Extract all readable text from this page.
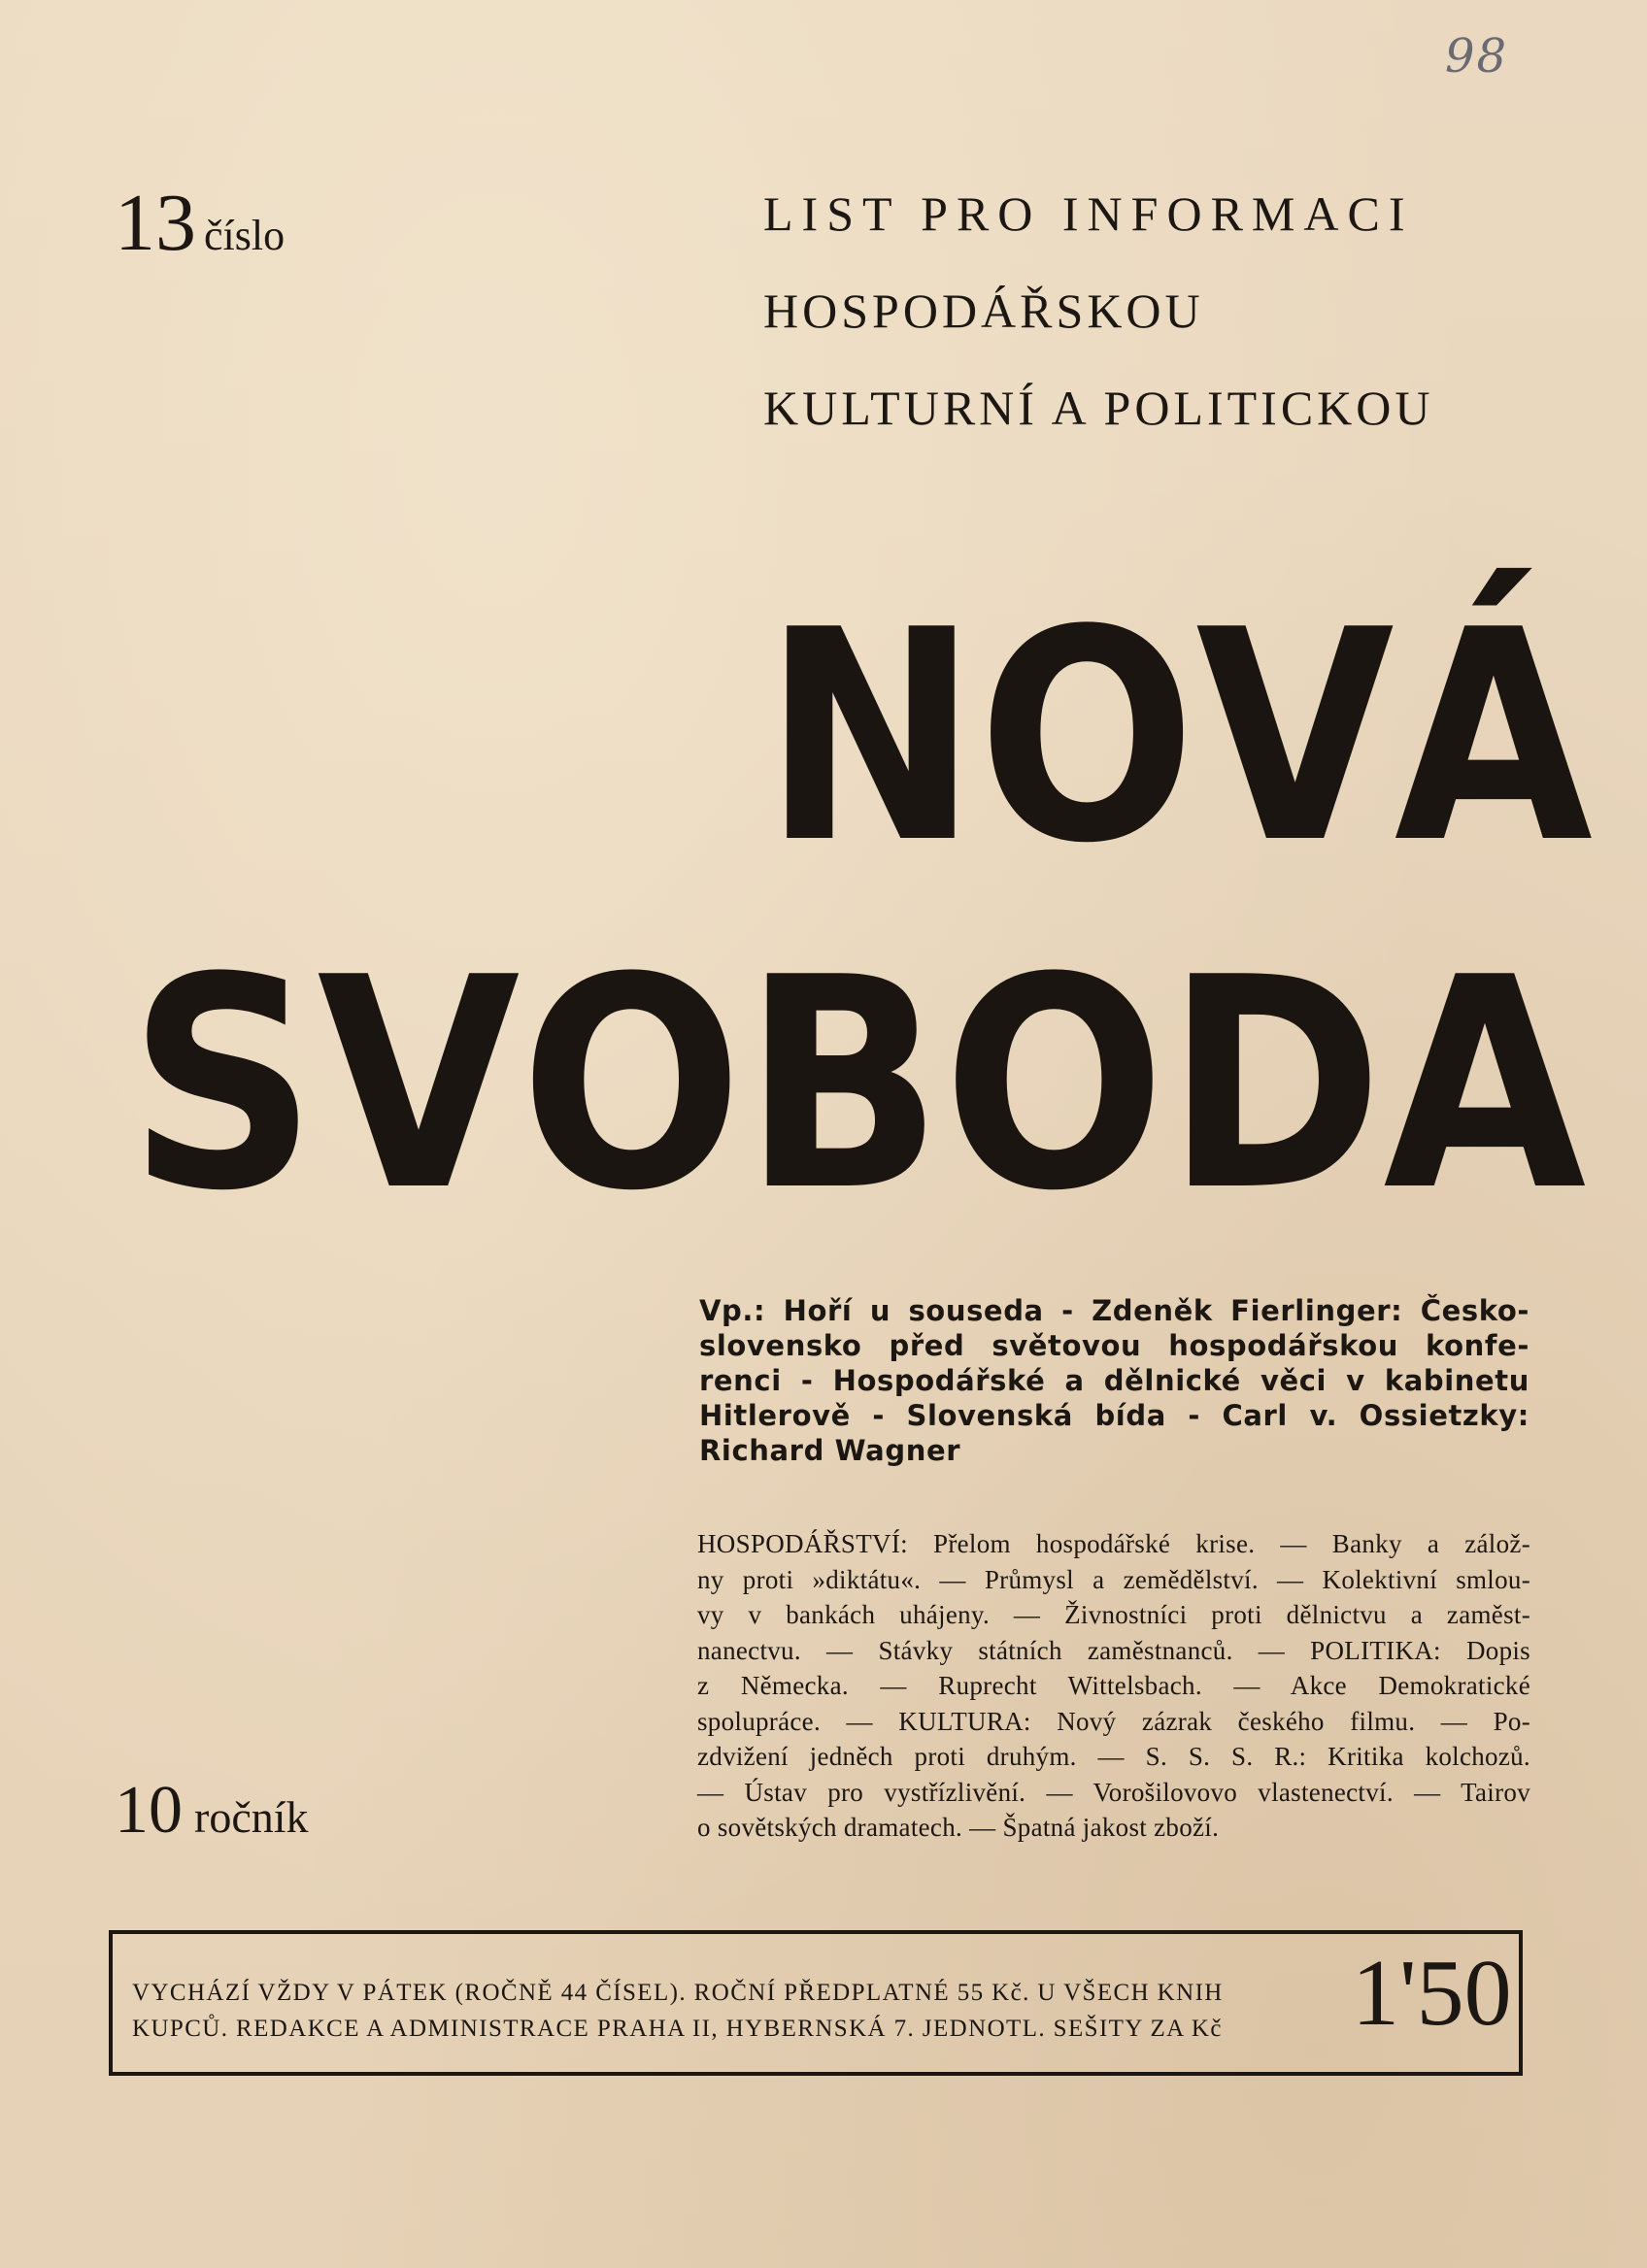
98
13 číslo	LIST PRO INFORMACI
HOSPODÁŘSKOU
KULTURNÍ A POLITICKOU
N O V Á
S V O B O D A
Vp.: Hoří u souseda - Zdeněk Fierlinger: Česko-
slovensko před světovou hospodářskou konfe-
renci - Hospodářské a dělnické věci v kabinetu
Hitlerově - Slovenská bída - Carl v. Ossietzky:
Richard Wagner
HOSPODÁŘSTVÍ: Přelom hospodářské krise. — Banky a zálož-
ny proti »diktátu«. — Průmysl a zemědělství. — Kolektivní smlou-
vy v bankách uhájeny. — Živnostníci proti dělnictvu a zaměst-
nanectvu. — Stávky státních zaměstnanců. — POLITIKA: Dopis
z Německa. — Ruprecht Wittelsbach. — Akce Demokratické
spolupráce. — KULTURA: Nový zázrak českého filmu. — Po-
zdvižení jedněch proti druhým. — S. S. S. R.: Kritika kolchozů.
— Ústav pro vystřízlivění. — Vorošilovovo vlastenectví. — Tairov
o sovětských dramatech. — Špatná jakost zboží.
10 ročník
VYCHÁZÍ VŽDY V PÁTEK (ROČNĚ 44 ČÍSEL). ROČNÍ PŘEDPLATNÉ 55 Kč. U VŠECH KNIH
KUPCŮ. REDAKCE A ADMINISTRACE PRAHA II, HYBERNSKÁ 7. JEDNOTL. SEŠITY ZA Kč	1'50
